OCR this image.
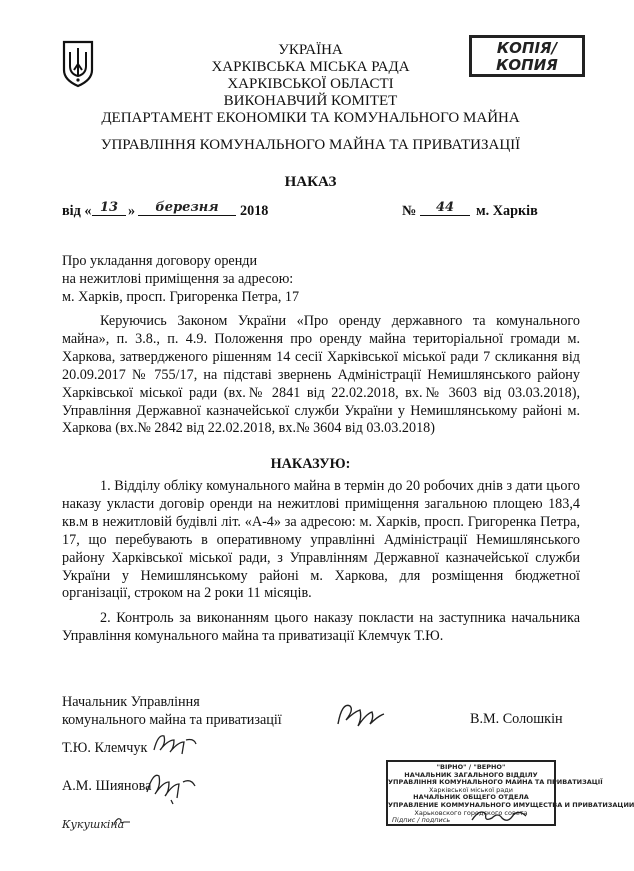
КОПІЯ/
КОПИЯ
УКРАЇНА
ХАРКІВСЬКА МІСЬКА РАДА
ХАРКІВСЬКОЇ ОБЛАСТІ
ВИКОНАВЧИЙ КОМІТЕТ
ДЕПАРТАМЕНТ ЕКОНОМІКИ ТА КОМУНАЛЬНОГО МАЙНА
УПРАВЛІННЯ КОМУНАЛЬНОГО МАЙНА ТА ПРИВАТИЗАЦІЇ
НАКАЗ
від « 13 »	березня	2018	№	44	м. Харків
Про укладання договору оренди
на нежитлові приміщення за адресою:
м. Харків, просп. Григоренка Петра, 17
Керуючись Законом України «Про оренду державного та комунального майна», п. 3.8., п. 4.9. Положення про оренду майна територіальної громади м. Харкова, затвердженого рішенням 14 сесії Харківської міської ради 7 скликання від 20.09.2017 № 755/17, на підставі звернень Адміністрації Немишлянського району Харківської міської ради (вх.№ 2841 від 22.02.2018, вх.№ 3603 від 03.03.2018), Управління Державної казначейської служби України у Немишлянському районі м. Харкова (вх.№ 2842 від 22.02.2018, вх.№ 3604 від 03.03.2018)
НАКАЗУЮ:
1. Відділу обліку комунального майна в термін до 20 робочих днів з дати цього наказу укласти договір оренди на нежитлові приміщення загальною площею 183,4 кв.м в нежитловій будівлі літ. «А-4» за адресою: м. Харків, просп. Григоренка Петра, 17, що перебувають в оперативному управлінні Адміністрації Немишлянського району Харківської міської ради, з Управлінням Державної казначейської служби України у Немишлянському районі м. Харкова, для розміщення бюджетної організації, строком на 2 роки 11 місяців.
2. Контроль за виконанням цього наказу покласти на заступника начальника Управління комунального майна та приватизації Клемчук Т.Ю.
Начальник Управління
комунального майна та приватизації	В.М. Солошкін
Т.Ю. Клемчук
А.М. Шиянова
Кукушкіна
"ВІРНО" / "ВЕРНО"
НАЧАЛЬНИК ЗАГАЛЬНОГО ВІДДІЛУ
УПРАВЛІННЯ КОМУНАЛЬНОГО МАЙНА ТА ПРИВАТИЗАЦІЇ
Харківської міської ради
НАЧАЛЬНИК ОБЩЕГО ОТДЕЛА
УПРАВЛЕНИЕ КОММУНАЛЬНОГО ИМУЩЕСТВА И ПРИВАТИЗАЦИИ
Харьковского городского совета
Підпис / подпись
